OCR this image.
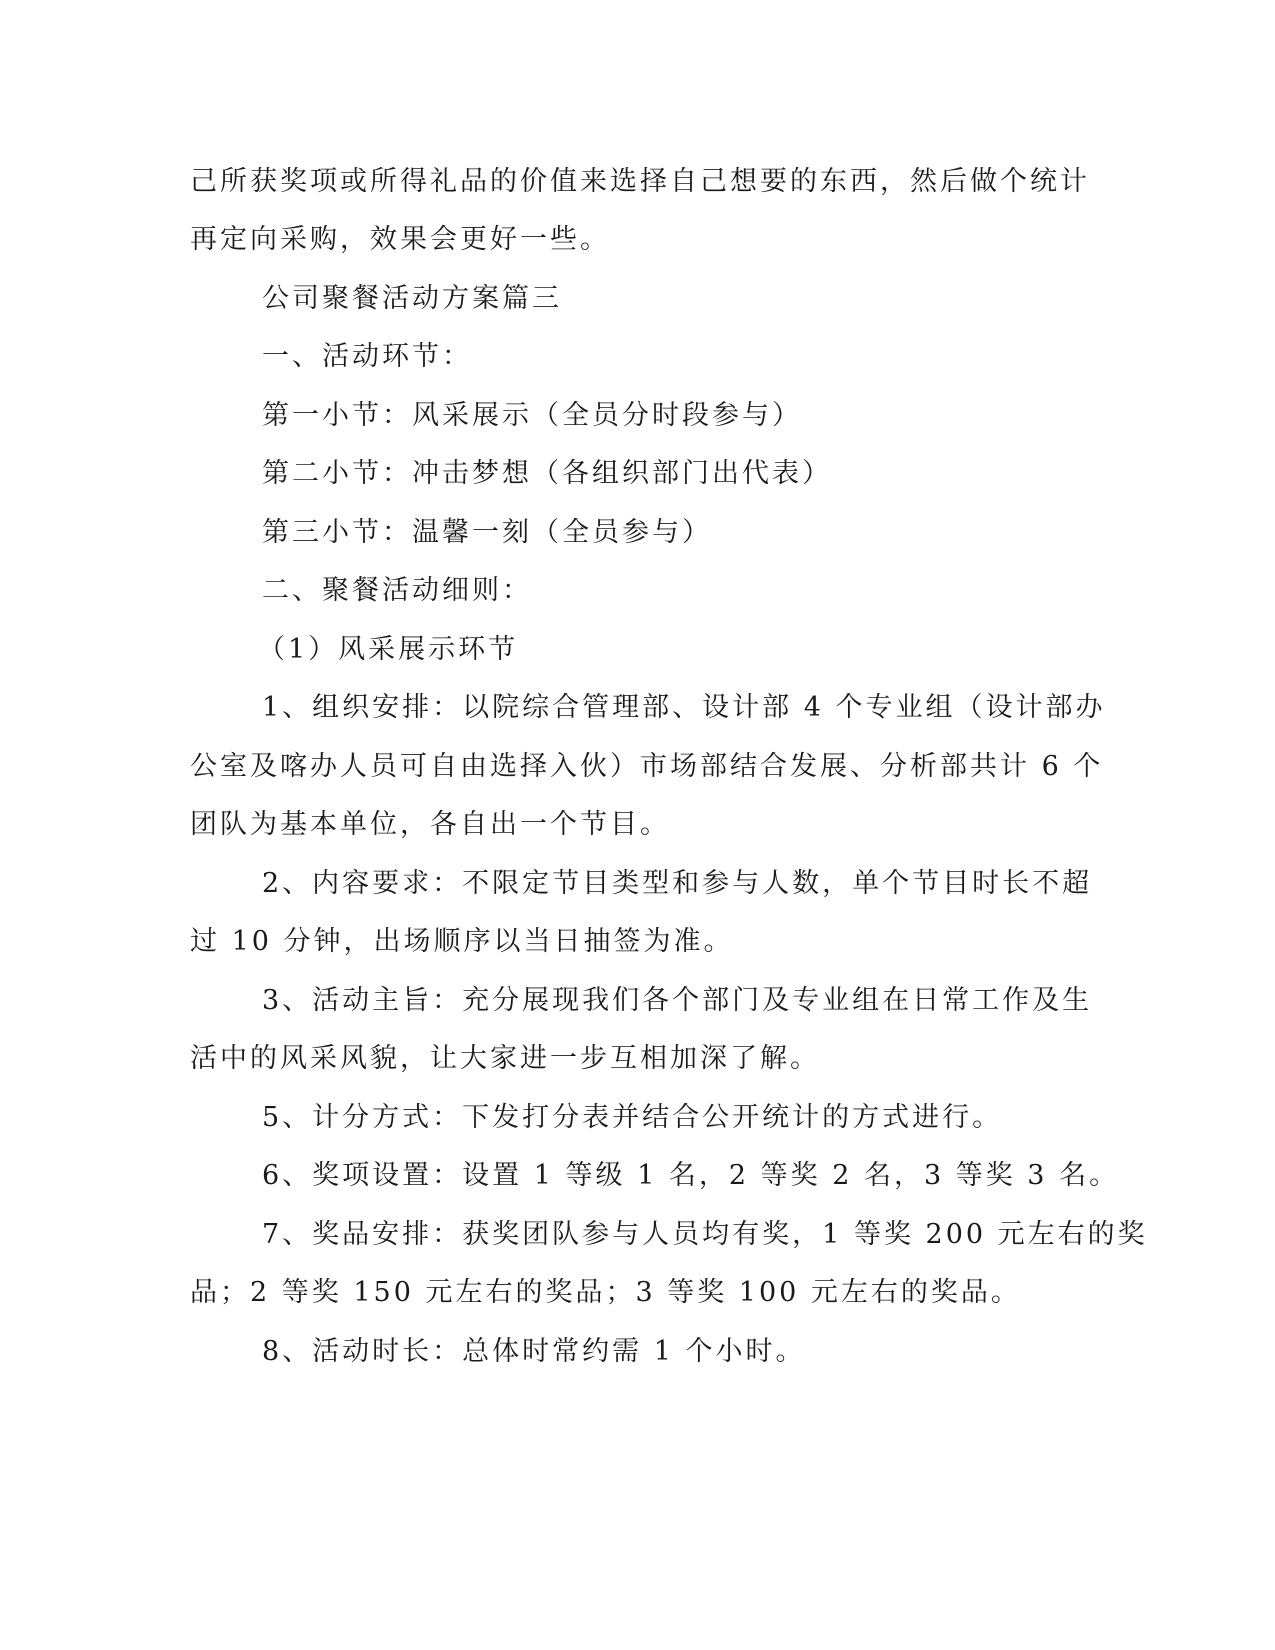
己所获奖项或所得礼品的价值来选择自己想要的东西，然后做个统计
再定向采购，效果会更好一些。
公司聚餐活动方案篇三
一、活动环节：
第一小节：风采展示（全员分时段参与）
第二小节：冲击梦想（各组织部门出代表）
第三小节：温馨一刻（全员参与）
二、聚餐活动细则：
（1）风采展示环节
1、组织安排：以院综合管理部、设计部 4 个专业组（设计部办
公室及喀办人员可自由选择入伙）市场部结合发展、分析部共计 6 个
团队为基本单位，各自出一个节目。
2、内容要求：不限定节目类型和参与人数，单个节目时长不超
过 10 分钟，出场顺序以当日抽签为准。
3、活动主旨：充分展现我们各个部门及专业组在日常工作及生
活中的风采风貌，让大家进一步互相加深了解。
5、计分方式：下发打分表并结合公开统计的方式进行。
6、奖项设置：设置 1 等级 1 名，2 等奖 2 名，3 等奖 3 名。
7、奖品安排：获奖团队参与人员均有奖，1 等奖 200 元左右的奖
品；2 等奖 150 元左右的奖品；3 等奖 100 元左右的奖品。
8、活动时长：总体时常约需 1 个小时。
